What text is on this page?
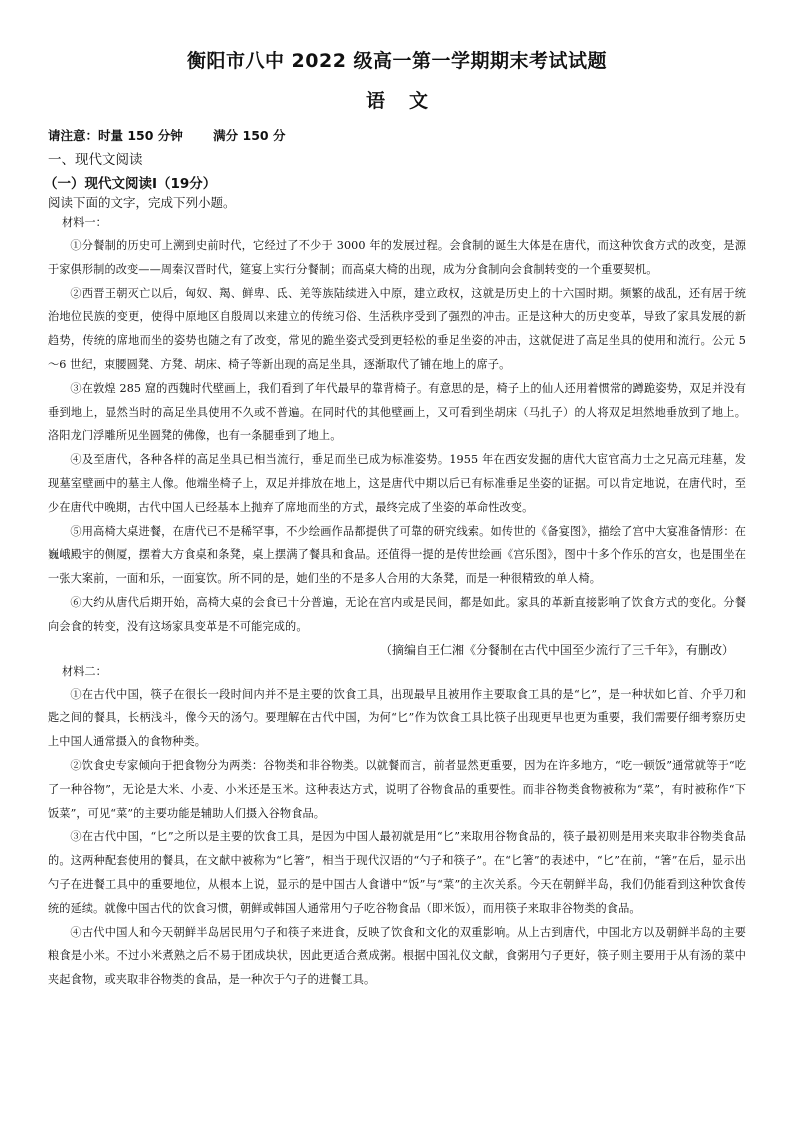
衡阳市八中 2022 级高一第一学期期末考试试题
语文
请注意：时量 150 分钟 满分 150 分
一、现代文阅读
（一）现代文阅读Ⅰ（19分）
阅读下面的文字，完成下列小题。
材料一：

①分餐制的历史可上溯到史前时代，它经过了不少于 3000 年的发展过程。会食制的诞生大体是在唐代，而这种饮食方式的改变，是源于家俱形制的改变——周秦汉晋时代，筵宴上实行分餐制；而高桌大椅的出现，成为分食制向会食制转变的一个重要契机。

②西晋王朝灭亡以后，匈奴、羯、鲜卑、氐、羌等族陆续进入中原，建立政权，这就是历史上的十六国时期。频繁的战乱，还有居于统治地位民族的变更，使得中原地区自殷周以来建立的传统习俗、生活秩序受到了强烈的冲击。正是这种大的历史变革，导致了家具发展的新趋势，传统的席地而坐的姿势也随之有了改变，常见的跪坐姿式受到更轻松的垂足坐姿的冲击，这就促进了高足坐具的使用和流行。公元 5～6 世纪，束腰圆凳、方凳、胡床、椅子等新出现的高足坐具，逐渐取代了铺在地上的席子。

③在敦煌 285 窟的西魏时代壁画上，我们看到了年代最早的靠背椅子。有意思的是，椅子上的仙人还用着惯常的蹲跪姿势，双足并没有垂到地上，显然当时的高足坐具使用不久或不普遍。在同时代的其他壁画上，又可看到坐胡床（马扎子）的人将双足坦然地垂放到了地上。洛阳龙门浮雕所见坐圆凳的佛像，也有一条腿垂到了地上。

④及至唐代，各种各样的高足坐具已相当流行，垂足而坐已成为标准姿势。1955 年在西安发掘的唐代大宦官高力士之兄高元珪墓，发现墓室壁画中的墓主人像。他端坐椅子上，双足并排放在地上，这是唐代中期以后已有标准垂足坐姿的证据。可以肯定地说，在唐代时，至少在唐代中晚期，古代中国人已经基本上抛弃了席地而坐的方式，最终完成了坐姿的革命性改变。

⑤用高椅大桌进餐，在唐代已不是稀罕事，不少绘画作品都提供了可靠的研究线索。如传世的《备宴图》，描绘了宫中大宴准备情形：在巍峨殿宇的侧厦，摆着大方食桌和条凳，桌上摆满了餐具和食品。还值得一提的是传世绘画《宫乐图》，图中十多个作乐的宫女，也是围坐在一张大案前，一面和乐，一面宴饮。所不同的是，她们坐的不是多人合用的大条凳，而是一种很精致的单人椅。

⑥大约从唐代后期开始，高椅大桌的会食已十分普遍，无论在宫内或是民间，都是如此。家具的革新直接影响了饮食方式的变化。分餐向会食的转变，没有这场家具变革是不可能完成的。

（摘编自王仁湘《分餐制在古代中国至少流行了三千年》，有删改）
材料二：

①在古代中国，筷子在很长一段时间内并不是主要的饮食工具，出现最早且被用作主要取食工具的是“匕”，是一种状如匕首、介乎刀和匙之间的餐具，长柄浅斗，像今天的汤勺。要理解在古代中国，为何“匕”作为饮食工具比筷子出现更早也更为重要，我们需要仔细考察历史上中国人通常摄入的食物种类。

②饮食史专家倾向于把食物分为两类：谷物类和非谷物类。以就餐而言，前者显然更重要，因为在许多地方，“吃一顿饭”通常就等于“吃了一种谷物”，无论是大米、小麦、小米还是玉米。这种表达方式，说明了谷物食品的重要性。而非谷物类食物被称为“菜”，有时被称作“下饭菜”，可见“菜”的主要功能是辅助人们摄入谷物食品。

③在古代中国，“匕”之所以是主要的饮食工具，是因为中国人最初就是用“匕”来取用谷物食品的，筷子最初则是用来夹取非谷物类食品的。这两种配套使用的餐具，在文献中被称为“匕箸”，相当于现代汉语的“勺子和筷子”。在“匕箸”的表述中，“匕”在前，“箸”在后，显示出勺子在进餐工具中的重要地位，从根本上说，显示的是中国古人食谱中“饭”与“菜”的主次关系。今天在朝鲜半岛，我们仍能看到这种饮食传统的延续。就像中国古代的饮食习惯，朝鲜或韩国人通常用勺子吃谷物食品（即米饭），而用筷子来取非谷物类的食品。

④古代中国人和今天朝鲜半岛居民用勺子和筷子来进食，反映了饮食和文化的双重影响。从上古到唐代，中国北方以及朝鲜半岛的主要粮食是小米。不过小米煮熟之后不易于团成块状，因此更适合煮成粥。根据中国礼仪文献，食粥用勺子更好，筷子则主要用于从有汤的菜中夹起食物，或夹取非谷物类的食品，是一种次于勺子的进餐工具。
